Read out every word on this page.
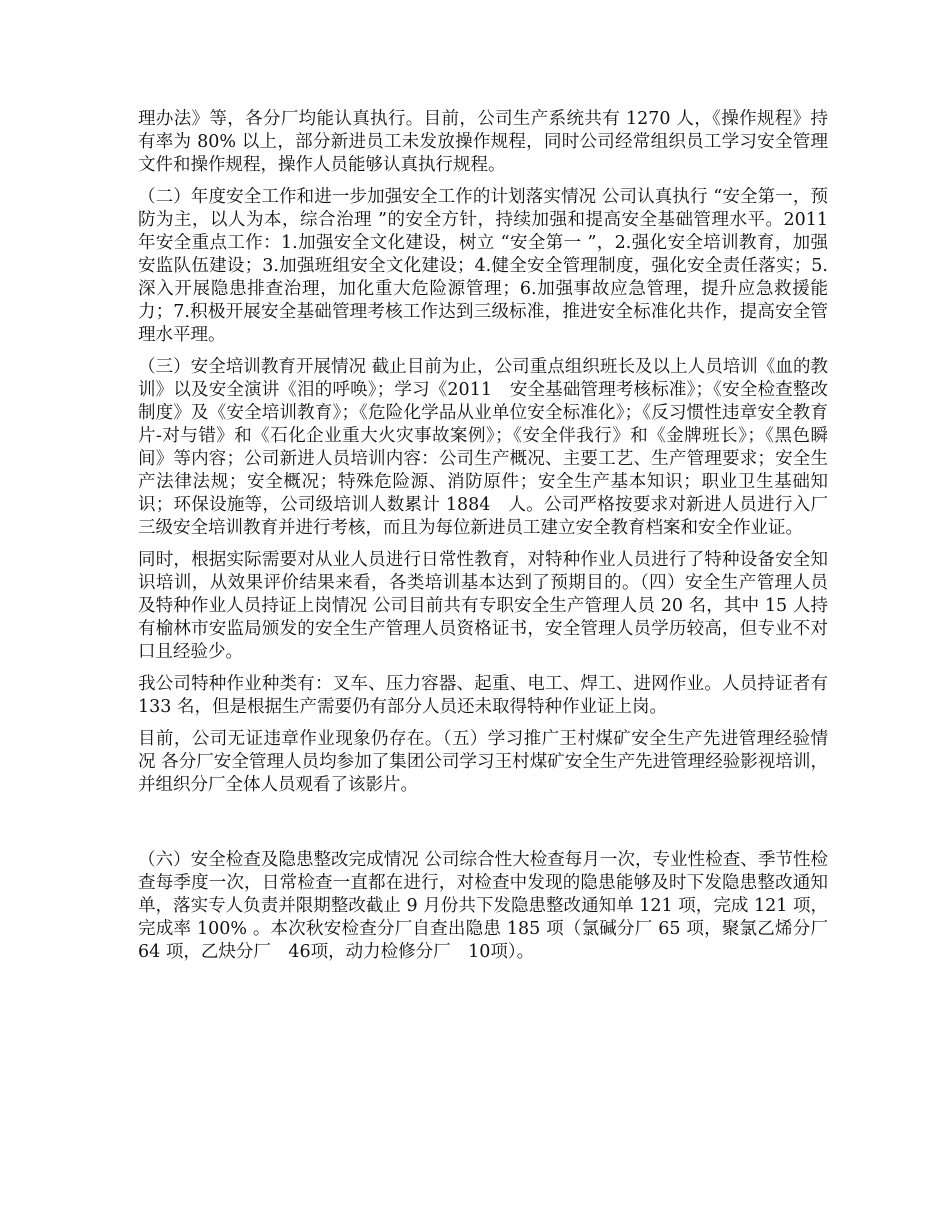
理办法》等，各分厂均能认真执行。目前，公司生产系统共有 1270 人，《操作规程》持有率为 80% 以上，部分新进员工未发放操作规程，同时公司经常组织员工学习安全管理文件和操作规程，操作人员能够认真执行规程。

（二）年度安全工作和进一步加强安全工作的计划落实情况 公司认真执行 “安全第一，预防为主，以人为本，综合治理 ”的安全方针，持续加强和提高安全基础管理水平。2011 年安全重点工作：1.加强安全文化建设，树立 “安全第一 ”，2.强化安全培训教育，加强安监队伍建设；3.加强班组安全文化建设；4.健全安全管理制度，强化安全责任落实；5.深入开展隐患排查治理，加化重大危险源管理；6.加强事故应急管理，提升应急救援能力；7.积极开展安全基础管理考核工作达到三级标准，推进安全标准化共作，提高安全管理水平理。

（三）安全培训教育开展情况 截止目前为止，公司重点组织班长及以上人员培训《血的教训》以及安全演讲《泪的呼唤》；学习《2011　安全基础管理考核标准》；《安全检查整改制度》及《安全培训教育》；《危险化学品从业单位安全标准化》；《反习惯性违章安全教育片-对与错》和《石化企业重大火灾事故案例》；《安全伴我行》和《金牌班长》；《黑色瞬间》等内容；公司新进人员培训内容：公司生产概况、主要工艺、生产管理要求；安全生产法律法规；安全概况；特殊危险源、消防原件；安全生产基本知识；职业卫生基础知识；环保设施等，公司级培训人数累计 1884　人。公司严格按要求对新进人员进行入厂三级安全培训教育并进行考核，而且为每位新进员工建立安全教育档案和安全作业证。

同时，根据实际需要对从业人员进行日常性教育，对特种作业人员进行了特种设备安全知识培训，从效果评价结果来看，各类培训基本达到了预期目的。（四）安全生产管理人员及特种作业人员持证上岗情况 公司目前共有专职安全生产管理人员 20 名，其中 15 人持有榆林市安监局颁发的安全生产管理人员资格证书，安全管理人员学历较高，但专业不对口且经验少。

我公司特种作业种类有：叉车、压力容器、起重、电工、焊工、进网作业。人员持证者有 133 名，但是根据生产需要仍有部分人员还未取得特种作业证上岗。

目前，公司无证违章作业现象仍存在。（五）学习推广王村煤矿安全生产先进管理经验情况 各分厂安全管理人员均参加了集团公司学习王村煤矿安全生产先进管理经验影视培训，并组织分厂全体人员观看了该影片。

（六）安全检查及隐患整改完成情况 公司综合性大检查每月一次，专业性检查、季节性检查每季度一次，日常检查一直都在进行，对检查中发现的隐患能够及时下发隐患整改通知单，落实专人负责并限期整改截止 9 月份共下发隐患整改通知单 121 项，完成 121 项，完成率 100% 。本次秋安检查分厂自查出隐患 185 项（氯碱分厂 65 项，聚氯乙烯分厂 64 项，乙炔分厂　46项，动力检修分厂　10项）。
